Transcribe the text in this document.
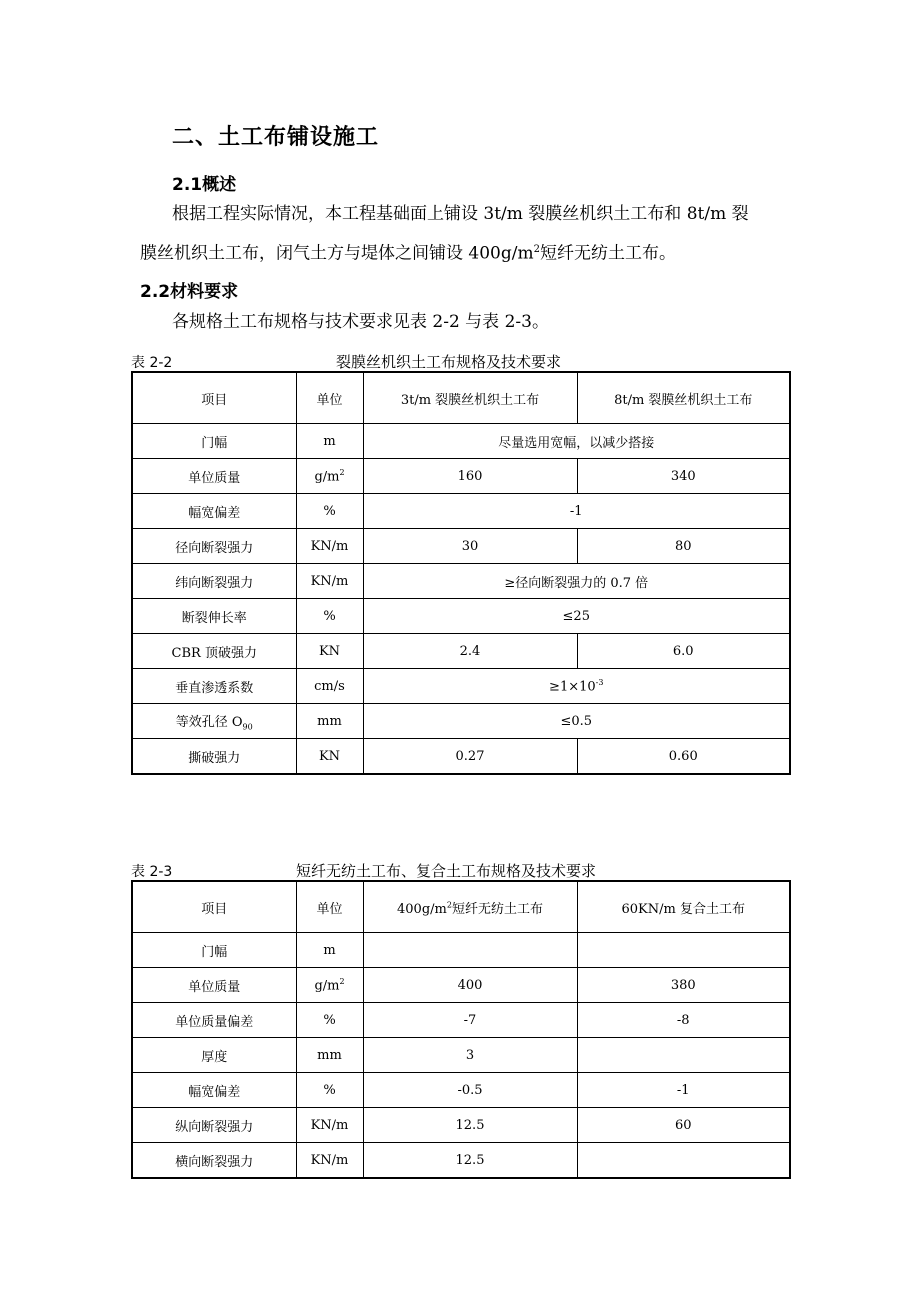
二、土工布铺设施工
2.1概述
根据工程实际情况，本工程基础面上铺设 3t/m 裂膜丝机织土工布和 8t/m 裂
膜丝机织土工布，闭气土方与堤体之间铺设 $400g/m^2$短纤无纺土工布。
2.2材料要求
各规格土工布规格与技术要求见表 2-2 与表 2-3。
表 2-2	裂膜丝机织土工布规格及技术要求
项目	单位	3t/m 裂膜丝机织土工布	8t/m 裂膜丝机织土工布
门幅	m	尽量选用宽幅，以减少搭接	
单位质量	$g/m^2$	160	340
幅宽偏差	%	-1	
径向断裂强力	KN/m	30	80
纬向断裂强力	KN/m	≥径向断裂强力的 0.7 倍	
断裂伸长率	%	≤25	
CBR 顶破强力	KN	2.4	6.0
垂直渗透系数	cm/s	$\ge 1\times 10^{-3}$
等效孔径 $O_{90}$	mm	≤0.5	
撕破强力	KN	0.27	0.60
表 2-3	短纤无纺土工布、复合土工布规格及技术要求
项目	单位	$400g/m^2$短纤无纺土工布	60KN/m 复合土工布
门幅	m		
单位质量	$g/m^2$	400	380
单位质量偏差	%	-7	-8
厚度	mm	3	
幅宽偏差	%	-0.5	-1
纵向断裂强力	KN/m	12.5	60
横向断裂强力	KN/m	12.5	
